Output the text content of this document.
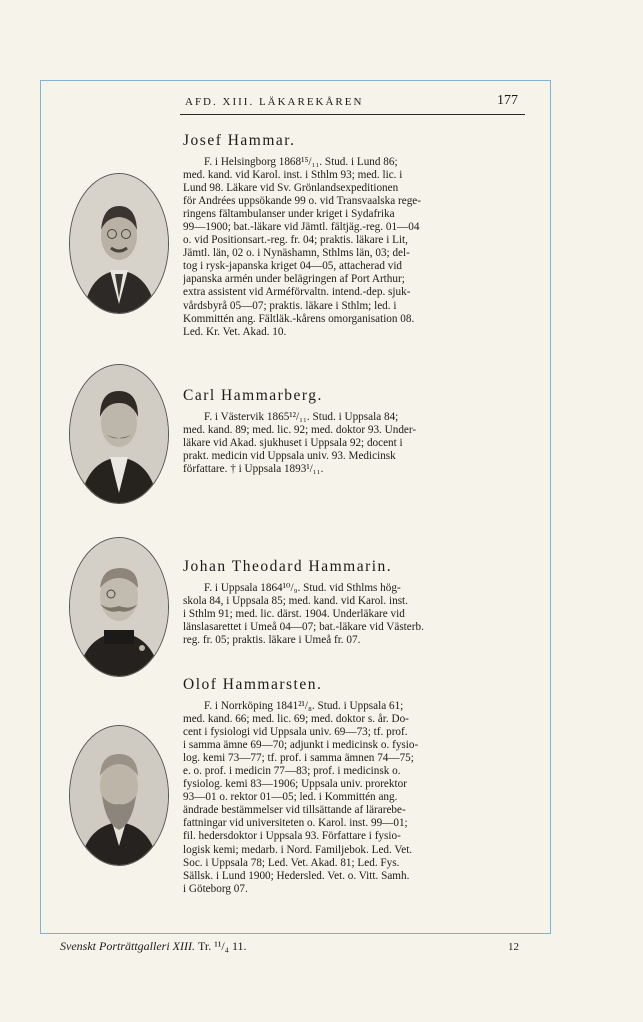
AFD. XIII. LÄKAREKÅREN	177
Josef Hammar.
F. i Helsingborg 1868¹⁵/₁₁. Stud. i Lund 86;
med. kand. vid Karol. inst. i Sthlm 93; med. lic. i
Lund 98. Läkare vid Sv. Grönlandsexpeditionen
för Andrées uppsökande 99 o. vid Transvaalska rege-
ringens fältambulanser under kriget i Sydafrika
99—1900; bat.-läkare vid Jämtl. fältjäg.-reg. 01—04
o. vid Positionsart.-reg. fr. 04; praktis. läkare i Lit,
Jämtl. län, 02 o. i Nynäshamn, Sthlms län, 03; del-
tog i rysk-japanska kriget 04—05, attacherad vid
japanska armén under belägringen af Port Arthur;
extra assistent vid Arméförvaltn. intend.-dep. sjuk-
vårdsbyrå 05—07; praktis. läkare i Sthlm; led. i
Kommittén ang. Fältläk.-kårens omorganisation 08.
Led. Kr. Vet. Akad. 10.
Carl Hammarberg.
F. i Västervik 1865¹²/₁₁. Stud. i Uppsala 84;
med. kand. 89; med. lic. 92; med. doktor 93. Under-
läkare vid Akad. sjukhuset i Uppsala 92; docent i
prakt. medicin vid Uppsala univ. 93. Medicinsk
författare. † i Uppsala 1893¹/₁₁.
Johan Theodard Hammarin.
F. i Uppsala 1864¹⁰/₉. Stud. vid Sthlms hög-
skola 84, i Uppsala 85; med. kand. vid Karol. inst.
i Sthlm 91; med. lic. därst. 1904. Underläkare vid
länslasarettet i Umeå 04—07; bat.-läkare vid Västerb.
reg. fr. 05; praktis. läkare i Umeå fr. 07.
Olof Hammarsten.
F. i Norrköping 1841²¹/₈. Stud. i Uppsala 61;
med. kand. 66; med. lic. 69; med. doktor s. år. Do-
cent i fysiologi vid Uppsala univ. 69—73; tf. prof.
i samma ämne 69—70; adjunkt i medicinsk o. fysio-
log. kemi 73—77; tf. prof. i samma ämnen 74—75;
e. o. prof. i medicin 77—83; prof. i medicinsk o.
fysiolog. kemi 83—1906; Uppsala univ. prorektor
93—01 o. rektor 01—05; led. i Kommittén ang.
ändrade bestämmelser vid tillsättande af lärarebe-
fattningar vid universiteten o. Karol. inst. 99—01;
fil. hedersdoktor i Uppsala 93. Författare i fysio-
logisk kemi; medarb. i Nord. Familjebok. Led. Vet.
Soc. i Uppsala 78; Led. Vet. Akad. 81; Led. Fys.
Sällsk. i Lund 1900; Hedersled. Vet. o. Vitt. Samh.
i Göteborg 07.
Svenskt Porträttgalleri XIII. Tr. ¹¹/₄ 11.	12
